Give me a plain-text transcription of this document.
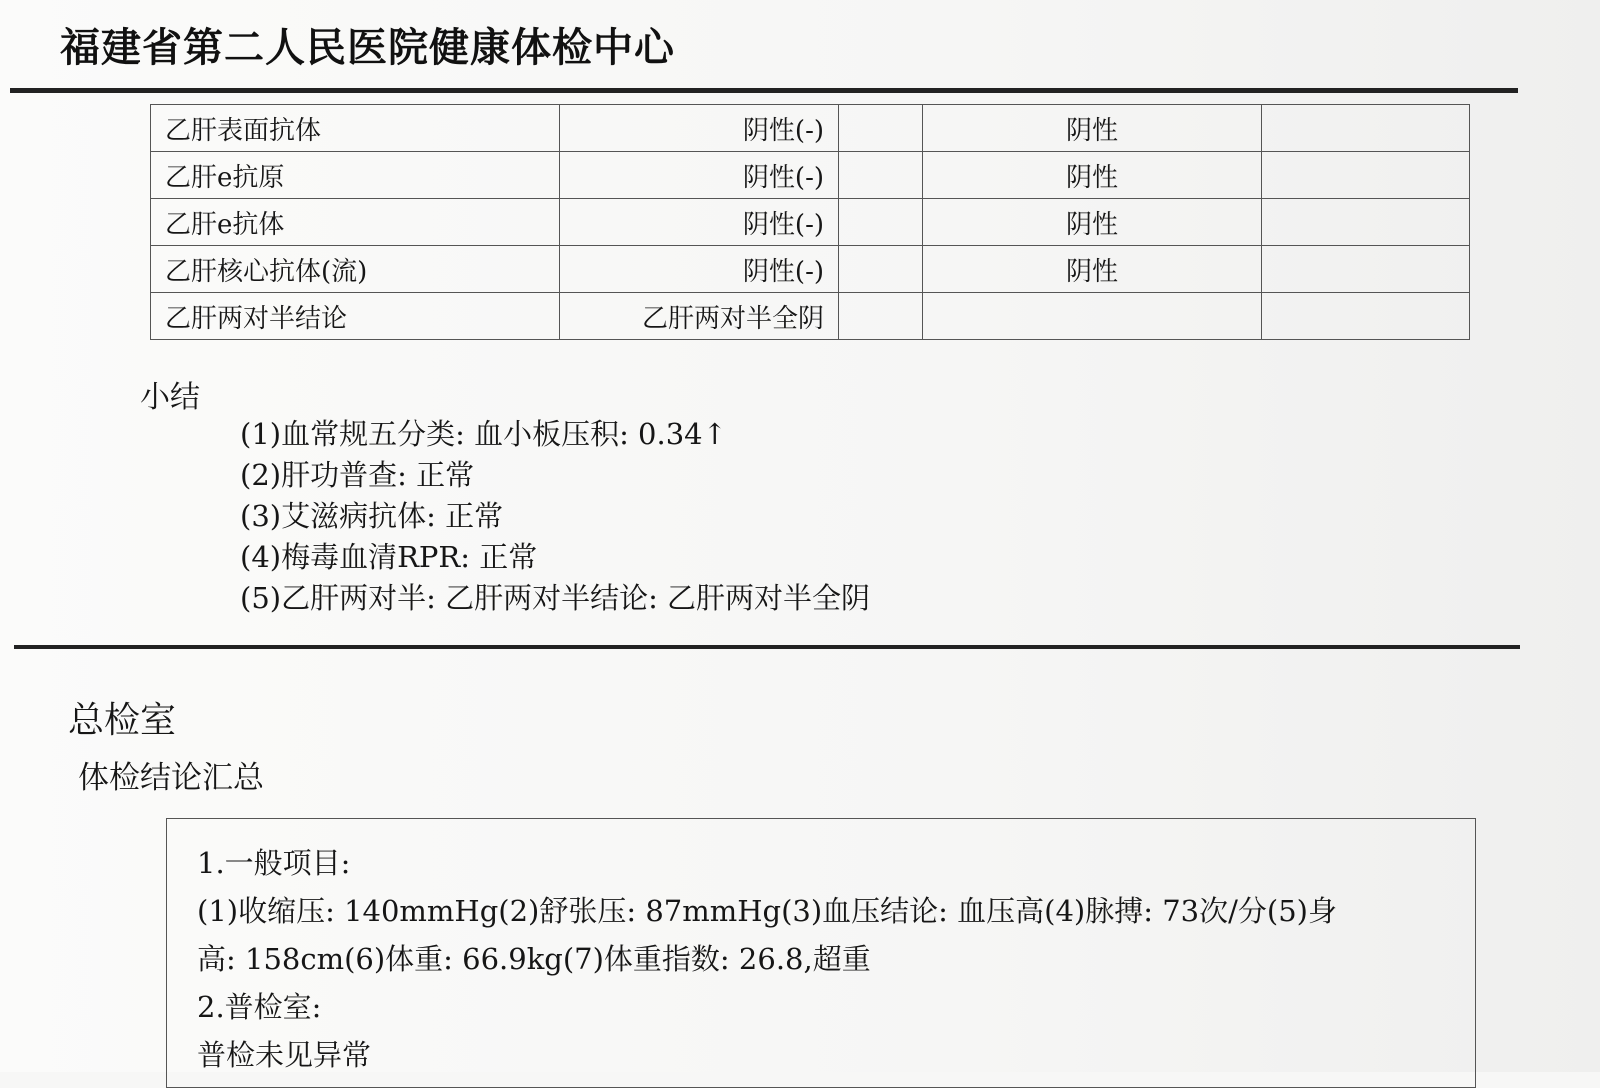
福建省第二人民医院健康体检中心
乙肝表面抗体	阴性(-)		阴性	
乙肝e抗原	阴性(-)		阴性	
乙肝e抗体	阴性(-)		阴性	
乙肝核心抗体(流)	阴性(-)		阴性	
乙肝两对半结论	乙肝两对半全阴			
小结
(1)血常规五分类: 血小板压积: 0.34↑
(2)肝功普查: 正常
(3)艾滋病抗体: 正常
(4)梅毒血清RPR: 正常
(5)乙肝两对半: 乙肝两对半结论: 乙肝两对半全阴
总检室
体检结论汇总

1.一般项目:

(1)收缩压: 140mmHg(2)舒张压: 87mmHg(3)血压结论: 血压高(4)脉搏: 73次/分(5)身

高: 158cm(6)体重: 66.9kg(7)体重指数: 26.8,超重

2.普检室:

普检未见异常
